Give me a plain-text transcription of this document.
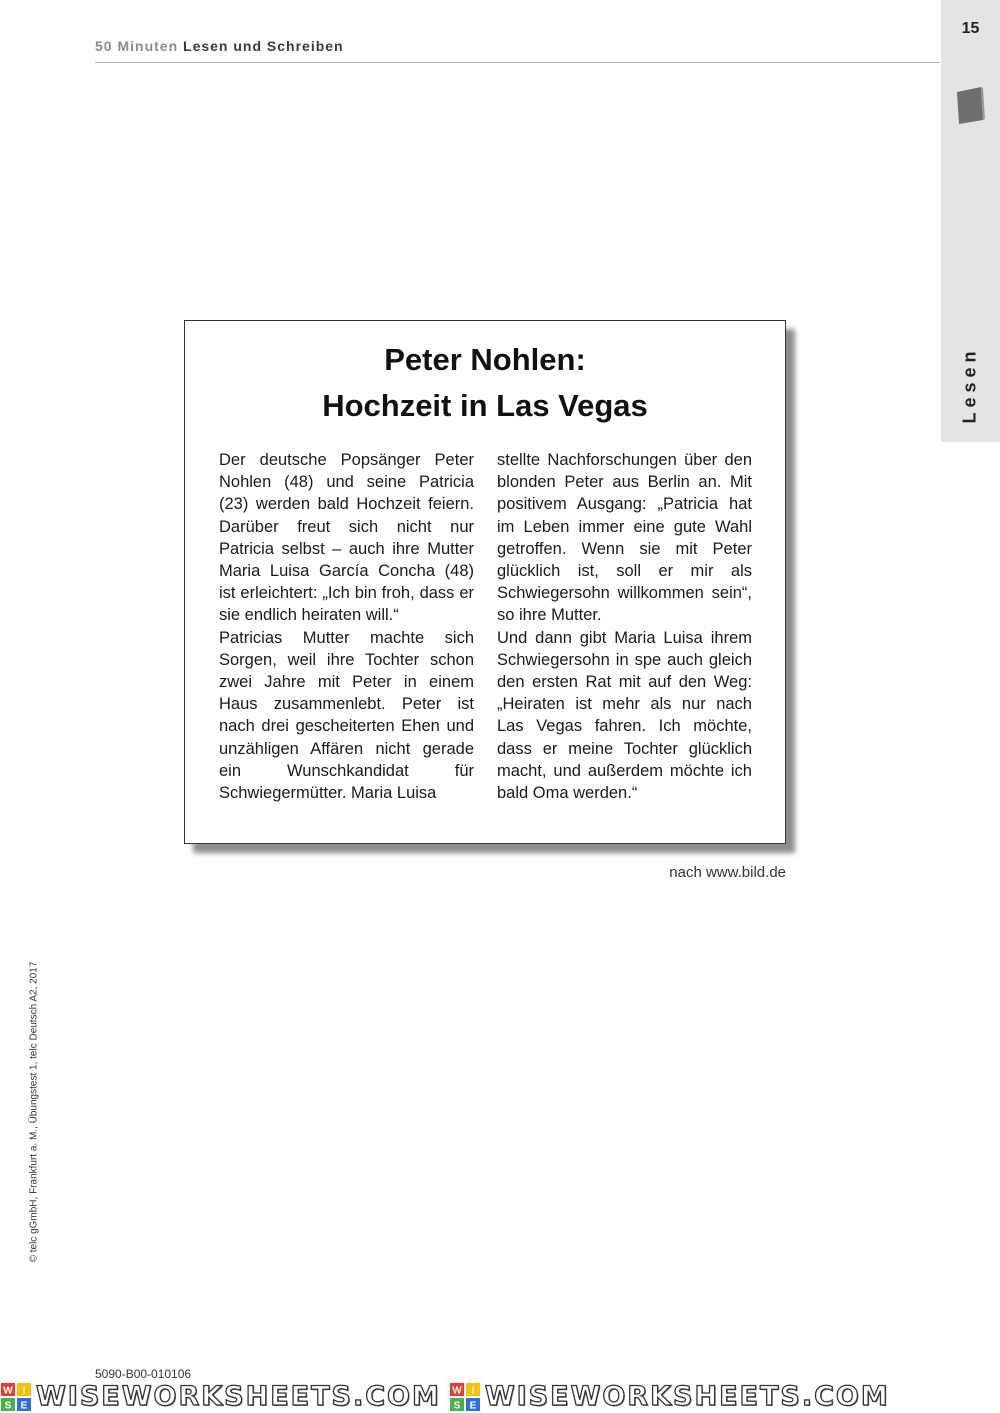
50 Minuten Lesen und Schreiben
15
Lesen
Peter Nohlen:
Hochzeit in Las Vegas

Der deutsche Popsänger Peter Nohlen (48) und seine Patricia (23) werden bald Hochzeit feiern. Darüber freut sich nicht nur Patricia selbst – auch ihre Mutter Maria Luisa García Concha (48) ist erleichtert: „Ich bin froh, dass er sie endlich heiraten will.“

Patricias Mutter machte sich Sorgen, weil ihre Tochter schon zwei Jahre mit Peter in einem Haus zusammenlebt. Peter ist nach drei gescheiterten Ehen und unzähligen Affären nicht gerade ein Wunschkandidat für Schwiegermütter. Maria Luisa

stellte Nachforschungen über den blonden Peter aus Berlin an. Mit positivem Ausgang: „Patricia hat im Leben immer eine gute Wahl getroffen. Wenn sie mit Peter glücklich ist, soll er mir als Schwiegersohn willkommen sein“, so ihre Mutter.

Und dann gibt Maria Luisa ihrem Schwiegersohn in spe auch gleich den ersten Rat mit auf den Weg: „Heiraten ist mehr als nur nach Las Vegas fahren. Ich möchte, dass er meine Tochter glücklich macht, und außerdem möchte ich bald Oma werden.“

nach www.bild.de
© telc gGmbH, Frankfurt a. M., Übungstest 1, telc Deutsch A2, 2017
5090-B00-010106
W I
S E WISEWORKSHEETS.COM W I
S E WISEWORKSHEETS.COM
